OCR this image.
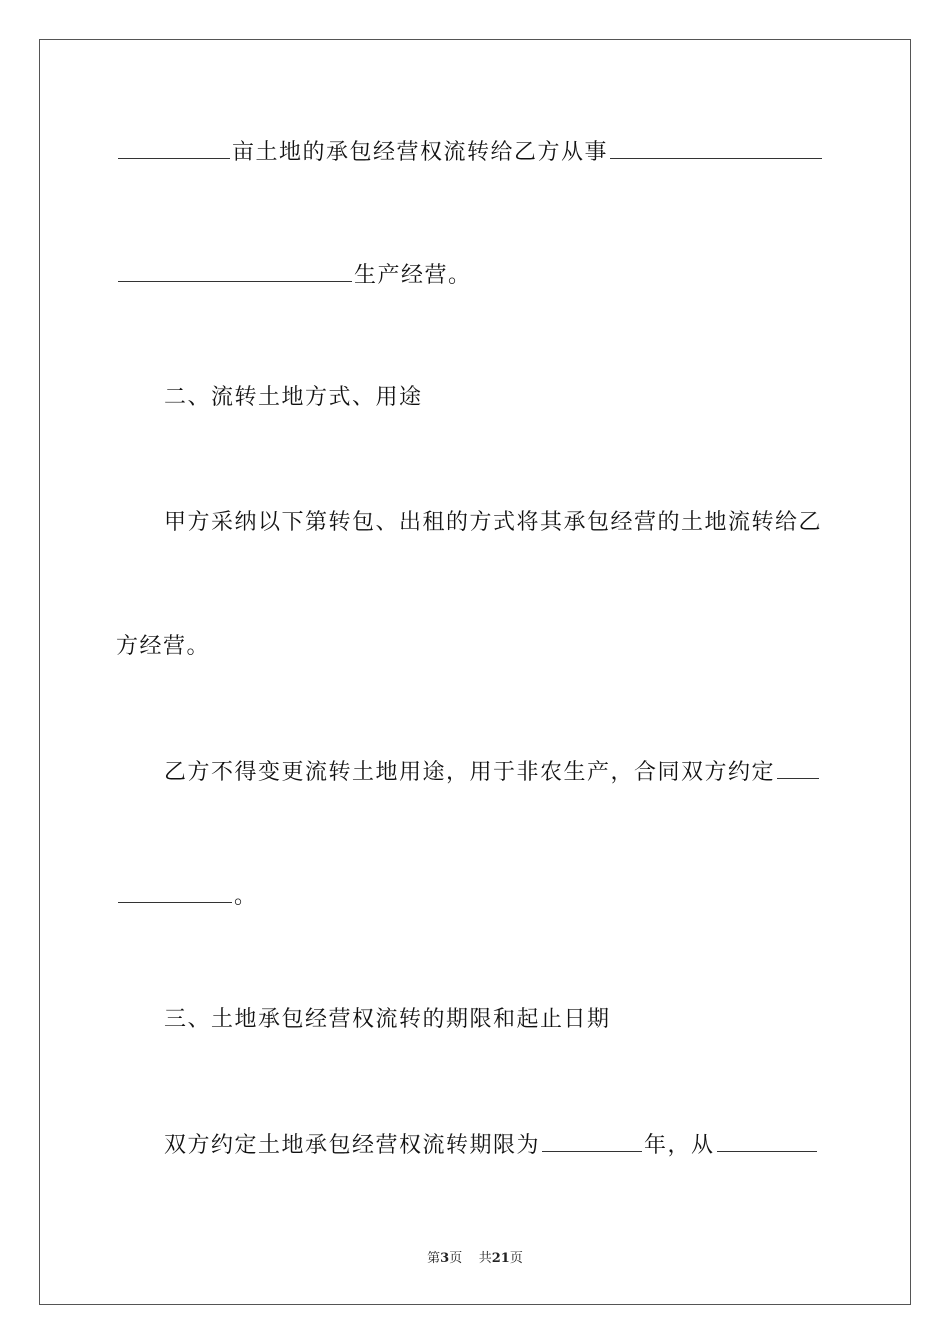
亩土地的承包经营权流转给乙方从事
生产经营。
二、流转土地方式、用途
甲方采纳以下第转包、出租的方式将其承包经营的土地流转给乙
方经营。
乙方不得变更流转土地用途，用于非农生产，合同双方约定
。
三、土地承包经营权流转的期限和起止日期
双方约定土地承包经营权流转期限为	年，从
第3页 共21页
